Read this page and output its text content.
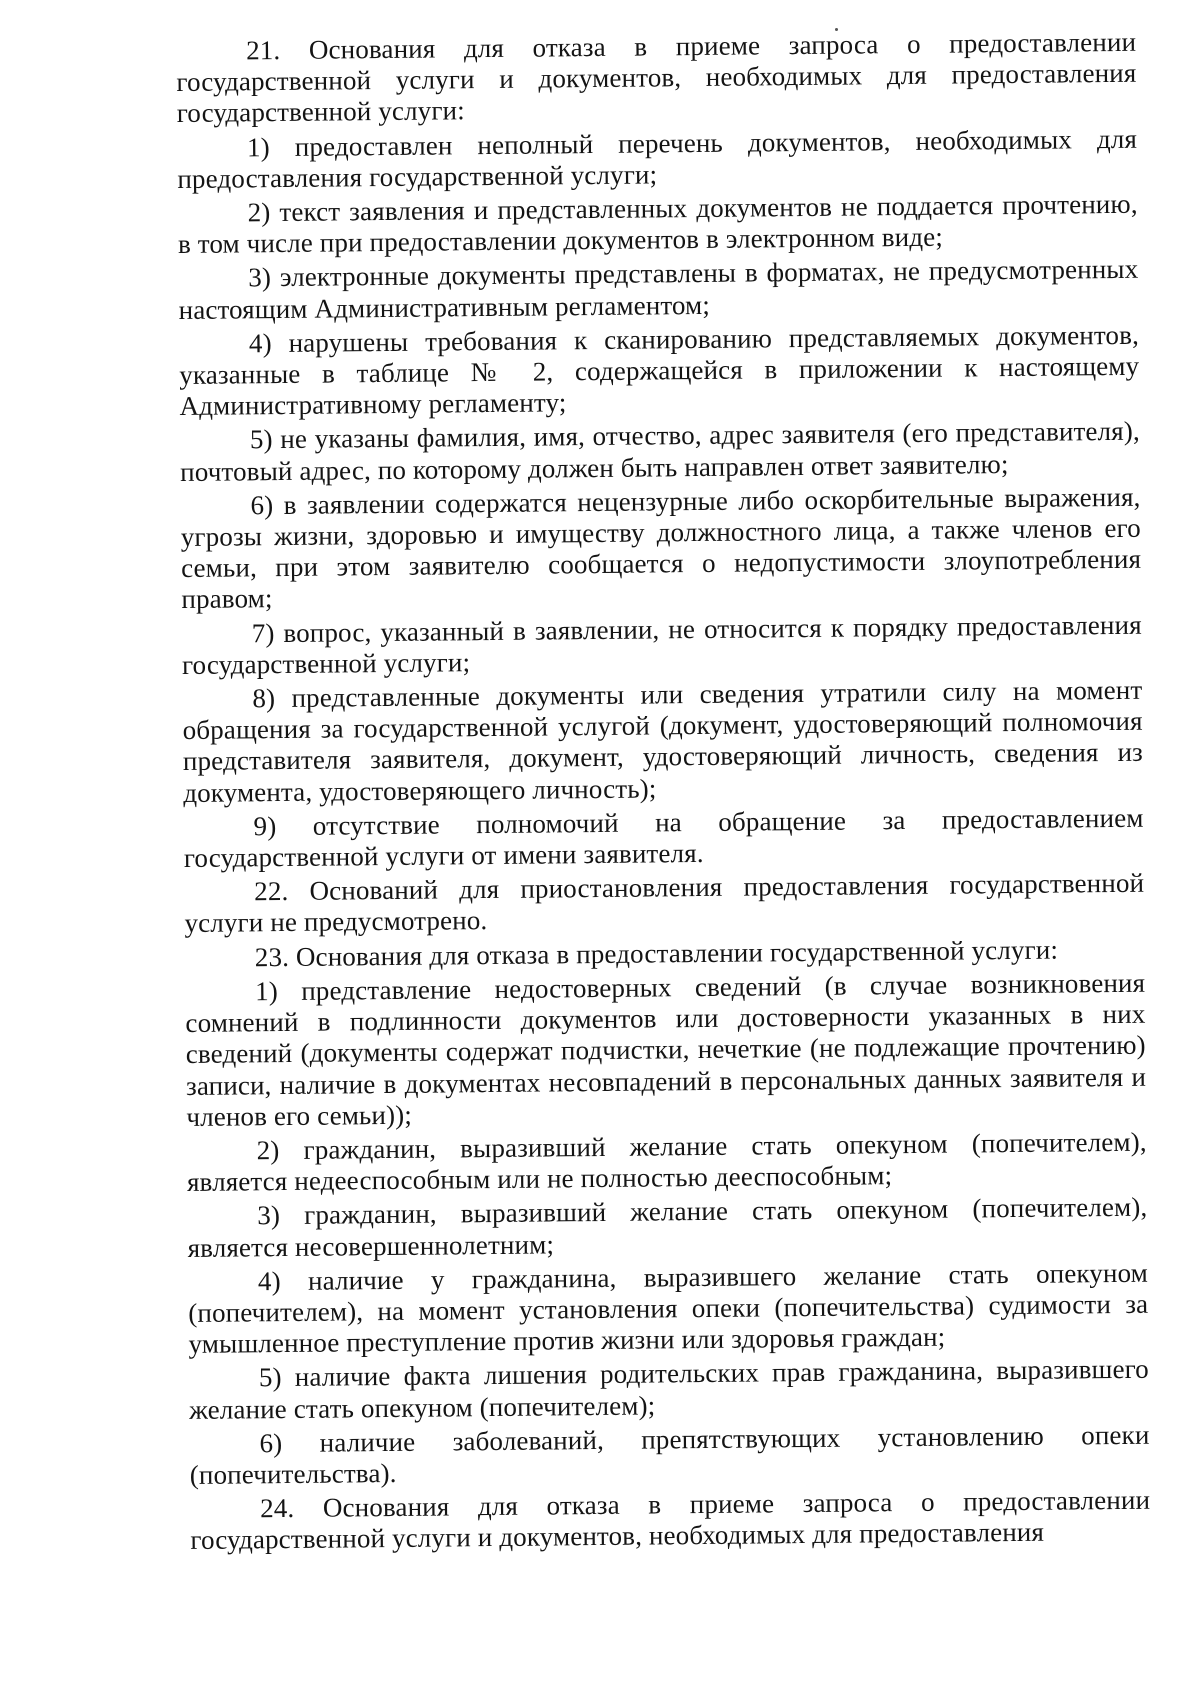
21. Основания для отказа в приеме запроса о предоставлении государственной услуги и документов, необходимых для предоставления государственной услуги:

1) предоставлен неполный перечень документов, необходимых для предоставления государственной услуги;

2) текст заявления и представленных документов не поддается прочтению, в том числе при предоставлении документов в электронном виде;

3) электронные документы представлены в форматах, не предусмотренных настоящим Административным регламентом;

4) нарушены требования к сканированию представляемых документов, указанные в таблице № 2, содержащейся в приложении к настоящему Административному регламенту;

5) не указаны фамилия, имя, отчество, адрес заявителя (его представителя), почтовый адрес, по которому должен быть направлен ответ заявителю;

6) в заявлении содержатся нецензурные либо оскорбительные выражения, угрозы жизни, здоровью и имуществу должностного лица, а также членов его семьи, при этом заявителю сообщается о недопустимости злоупотребления правом;

7) вопрос, указанный в заявлении, не относится к порядку предоставления государственной услуги;

8) представленные документы или сведения утратили силу на момент обращения за государственной услугой (документ, удостоверяющий полномочия представителя заявителя, документ, удостоверяющий личность, сведения из документа, удостоверяющего личность);

9) отсутствие полномочий на обращение за предоставлением государственной услуги от имени заявителя.

22. Оснований для приостановления предоставления государственной услуги не предусмотрено.

23. Основания для отказа в предоставлении государственной услуги:

1) представление недостоверных сведений (в случае возникновения сомнений в подлинности документов или достоверности указанных в них сведений (документы содержат подчистки, нечеткие (не подлежащие прочтению) записи, наличие в документах несовпадений в персональных данных заявителя и членов его семьи));

2) гражданин, выразивший желание стать опекуном (попечителем), является недееспособным или не полностью дееспособным;

3) гражданин, выразивший желание стать опекуном (попечителем), является несовершеннолетним;

4) наличие у гражданина, выразившего желание стать опекуном (попечителем), на момент установления опеки (попечительства) судимости за умышленное преступление против жизни или здоровья граждан;

5) наличие факта лишения родительских прав гражданина, выразившего желание стать опекуном (попечителем);

6) наличие заболеваний, препятствующих установлению опеки (попечительства).

24. Основания для отказа в приеме запроса о предоставлении государственной услуги и документов, необходимых для предоставления
